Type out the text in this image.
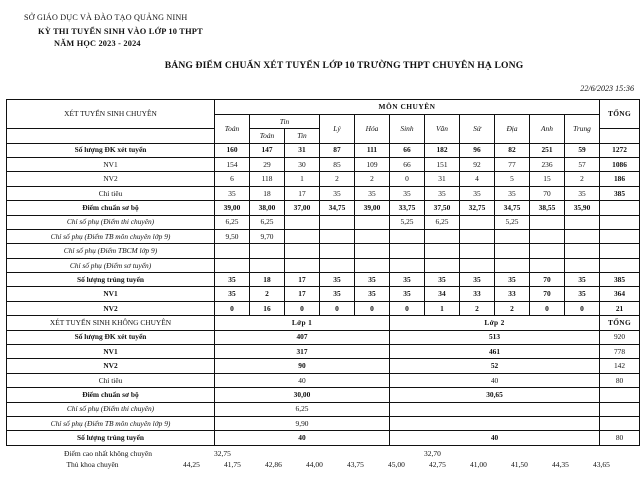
SỞ GIÁO DỤC VÀ ĐÀO TẠO QUẢNG NINH
KỲ THI TUYỂN SINH VÀO LỚP 10 THPT
NĂM HỌC 2023 - 2024
BẢNG ĐIỂM CHUẨN XÉT TUYỂN LỚP 10 TRƯỜNG THPT CHUYÊN HẠ LONG
22/6/2023 15:36
XÉT TUYỂN SINH CHUYÊN	MÔN CHUYÊN											TỔNG
	Toán	Tin		Lý	Hóa	Sinh	Văn	Sử	Địa	Anh	Trung	
		Toán	Tin									
Số lượng ĐK xét tuyển	160	147	31	87	111	66	182	96	82	251	59	1272
NV1	154	29	30	85	109	66	151	92	77	236	57	1086
NV2	6	118	1	2	2	0	31	4	5	15	2	186
Chỉ tiêu	35	18	17	35	35	35	35	35	35	70	35	385
Điểm chuẩn sơ bộ	39,00	38,00	37,00	34,75	39,00	33,75	37,50	32,75	34,75	38,55	35,90	
Chỉ số phụ (Điểm thi chuyên)	6,25	6,25				5,25	6,25		5,25			
Chỉ số phụ (Điểm TB môn chuyên lớp 9)	9,50	9,70										
Chỉ số phụ (Điểm TBCM lớp 9)												
Chỉ số phụ (Điểm sơ tuyển)												
Số lượng trúng tuyển	35	18	17	35	35	35	35	35	35	70	35	385
NV1	35	2	17	35	35	35	34	33	33	70	35	364
NV2	0	16	0	0	0	0	1	2	2	0	0	21
XÉT TUYỂN SINH KHÔNG CHUYÊN	Lớp 1					Lớp 2						TỔNG
Số lượng ĐK xét tuyển	407					513						920
NV1	317					461						778
NV2	90					52						142
Chỉ tiêu	40					40						80
Điểm chuẩn sơ bộ	30,00					30,65						
Chỉ số phụ (Điểm thi chuyên)	6,25											
Chỉ số phụ (Điểm TB môn chuyên lớp 9)	9,90											
Số lượng trúng tuyển	40					40						80
Điểm cao nhất không chuyên	32,75	32,70
Thủ khoa chuyên	44,25	41,75	42,86	44,00	43,75	45,00	42,75	41,00	41,50	44,35	43,65
